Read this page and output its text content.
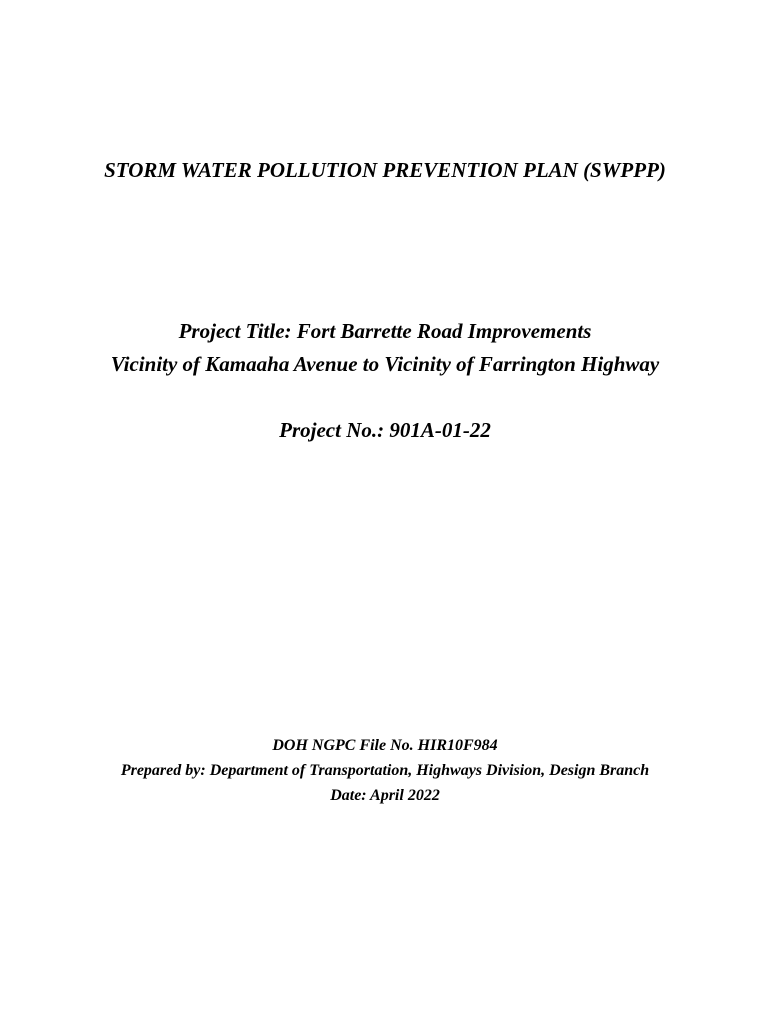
STORM WATER POLLUTION PREVENTION PLAN (SWPPP)
Project Title: Fort Barrette Road Improvements
Vicinity of Kamaaha Avenue to Vicinity of Farrington Highway
Project No.: 901A-01-22
DOH NGPC File No. HIR10F984
Prepared by: Department of Transportation, Highways Division, Design Branch
Date: April 2022
